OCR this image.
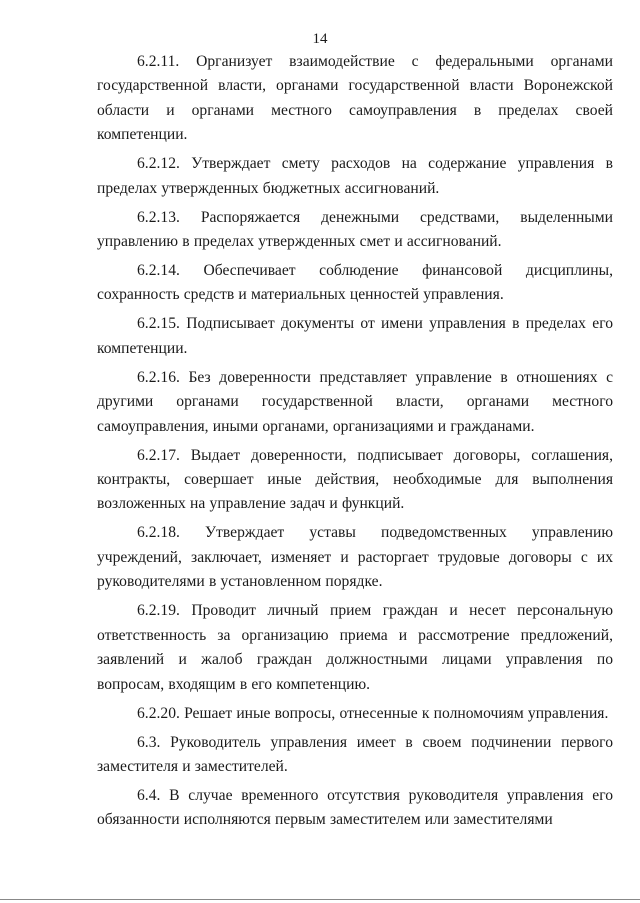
14

6.2.11. Организует взаимодействие с федеральными органами государственной власти, органами государственной власти Воронежской области и органами местного самоуправления в пределах своей компетенции.

6.2.12. Утверждает смету расходов на содержание управления в пределах утвержденных бюджетных ассигнований.

6.2.13. Распоряжается денежными средствами, выделенными управлению в пределах утвержденных смет и ассигнований.

6.2.14. Обеспечивает соблюдение финансовой дисциплины, сохранность средств и материальных ценностей управления.

6.2.15. Подписывает документы от имени управления в пределах его компетенции.

6.2.16. Без доверенности представляет управление в отношениях с другими органами государственной власти, органами местного самоуправления, иными органами, организациями и гражданами.

6.2.17. Выдает доверенности, подписывает договоры, соглашения, контракты, совершает иные действия, необходимые для выполнения возложенных на управление задач и функций.

6.2.18. Утверждает уставы подведомственных управлению учреждений, заключает, изменяет и расторгает трудовые договоры с их руководителями в установленном порядке.

6.2.19. Проводит личный прием граждан и несет персональную ответственность за организацию приема и рассмотрение предложений, заявлений и жалоб граждан должностными лицами управления по вопросам, входящим в его компетенцию.

6.2.20. Решает иные вопросы, отнесенные к полномочиям управления.

6.3. Руководитель управления имеет в своем подчинении первого заместителя и заместителей.

6.4. В случае временного отсутствия руководителя управления его обязанности исполняются первым заместителем или заместителями
